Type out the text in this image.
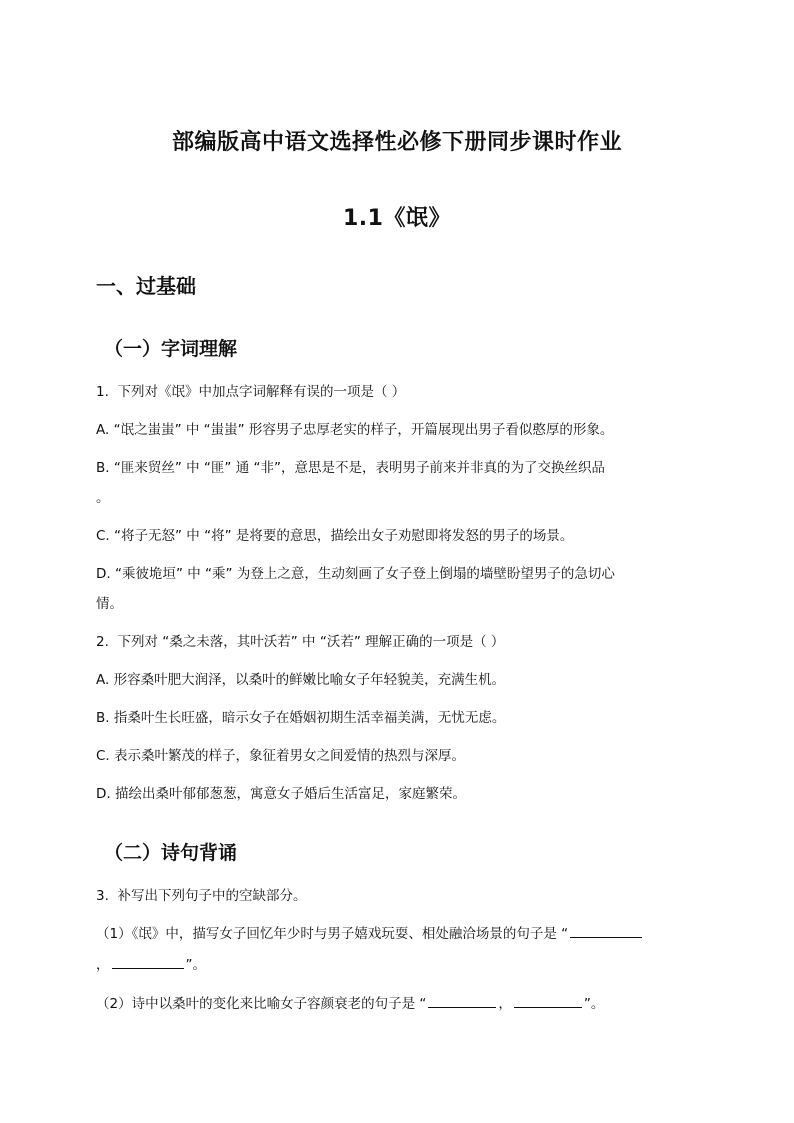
部编版高中语文选择性必修下册同步课时作业
1.1《氓》
一、过基础
（一）字词理解
1.  下列对《氓》中加点字词解释有误的一项是（ ）
A. “氓之蚩蚩” 中 “蚩蚩” 形容男子忠厚老实的样子，开篇展现出男子看似憨厚的形象。
B. “匪来贸丝” 中 “匪” 通 “非”，意思是不是，表明男子前来并非真的为了交换丝织品
。
C. “将子无怒” 中 “将” 是将要的意思，描绘出女子劝慰即将发怒的男子的场景。
D. “乘彼垝垣” 中 “乘” 为登上之意，生动刻画了女子登上倒塌的墙壁盼望男子的急切心
情。
2.  下列对 “桑之未落，其叶沃若” 中 “沃若” 理解正确的一项是（ ）
A. 形容桑叶肥大润泽，以桑叶的鲜嫩比喻女子年轻貌美，充满生机。
B. 指桑叶生长旺盛，暗示女子在婚姻初期生活幸福美满，无忧无虑。
C. 表示桑叶繁茂的样子，象征着男女之间爱情的热烈与深厚。
D. 描绘出桑叶郁郁葱葱，寓意女子婚后生活富足，家庭繁荣。
（二）诗句背诵
3.  补写出下列句子中的空缺部分。
（1）《氓》中，描写女子回忆年少时与男子嬉戏玩耍、相处融洽场景的句子是 “
，	”。
（2）诗中以桑叶的变化来比喻女子容颜衰老的句子是 “	，	”。
